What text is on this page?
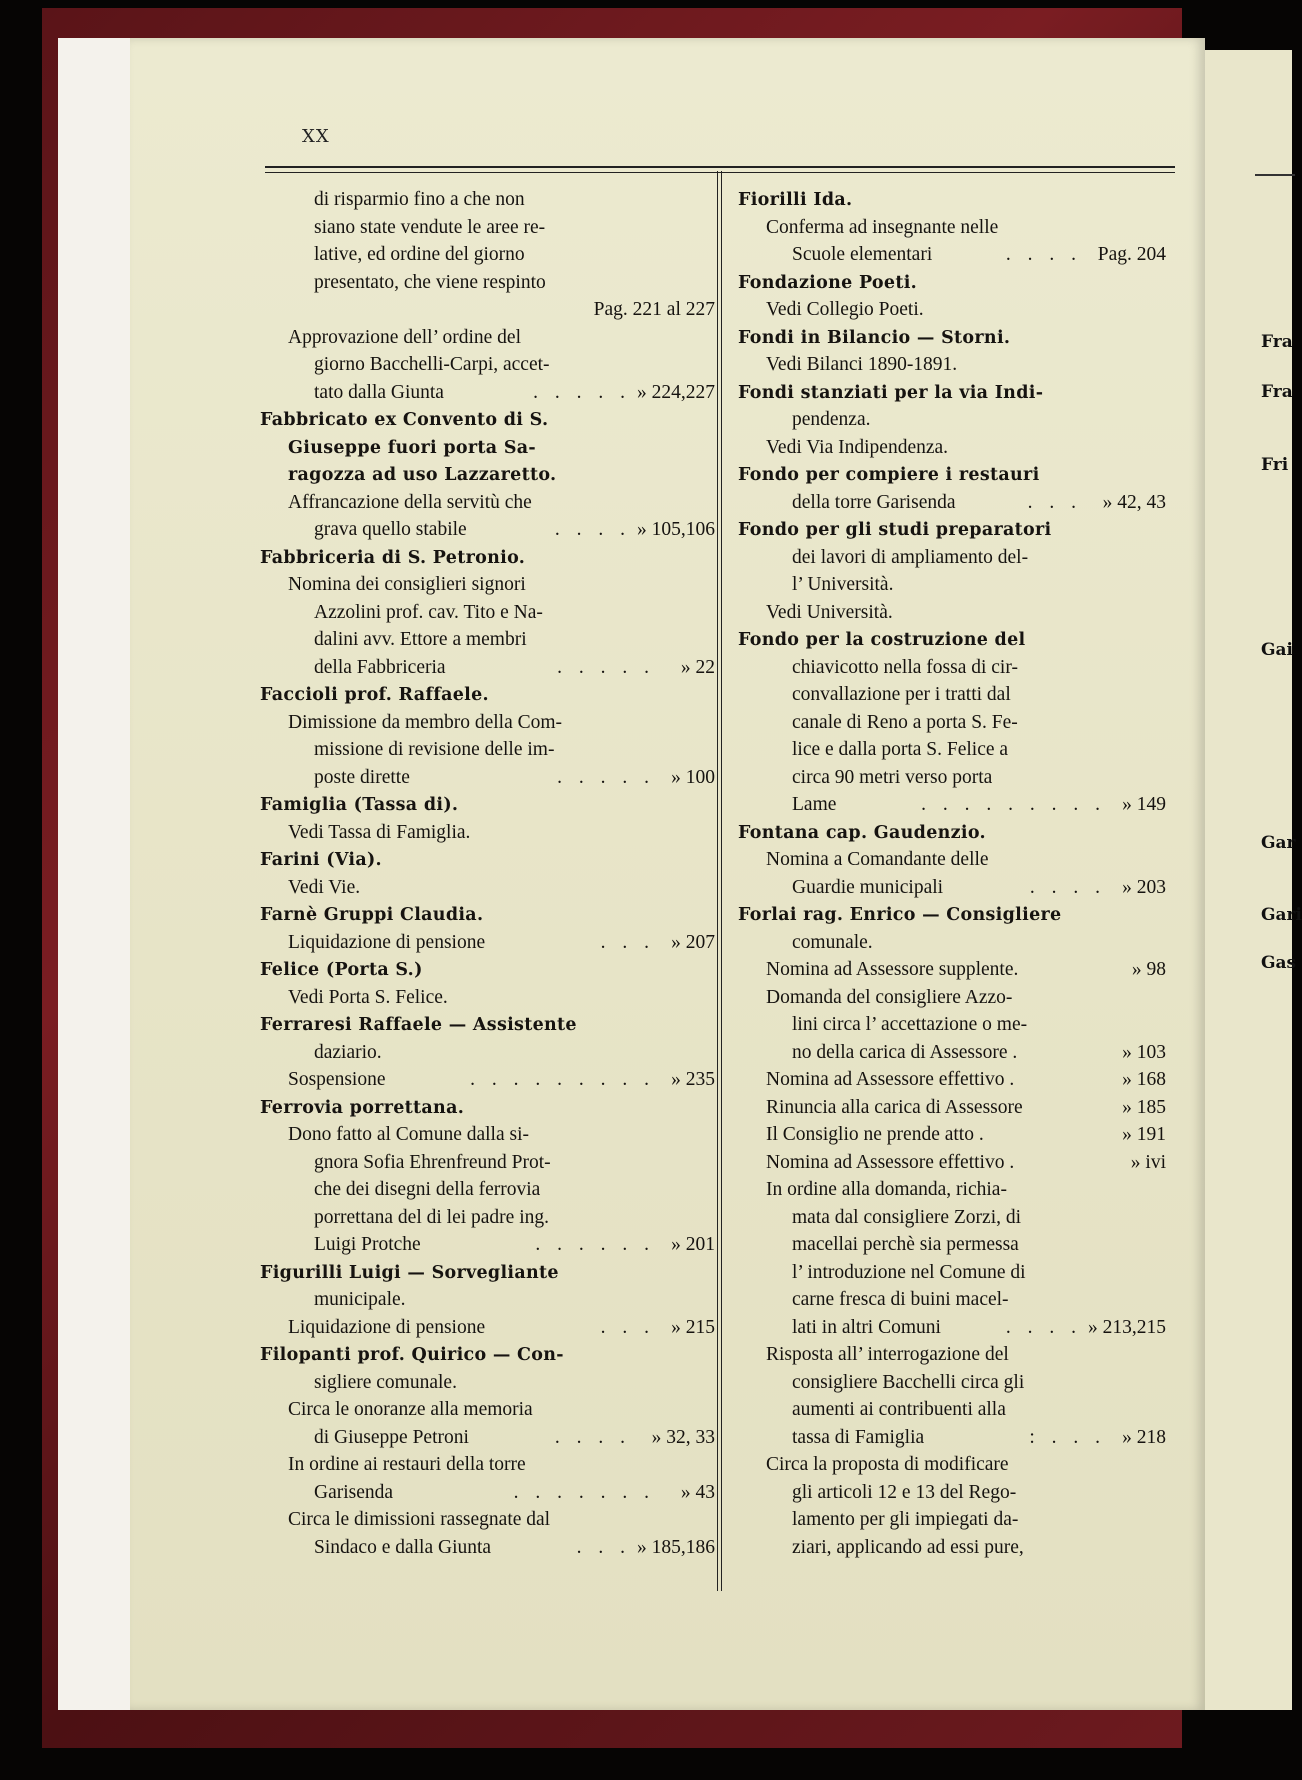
Fra
Fra
Fri
Gai
Gar
Gari
Gas
XX
di risparmio fino a che non
siano state vendute le aree re-
lative, ed ordine del giorno
presentato, che viene respinto
Pag. 221 al 227
Approvazione dell’ ordine del
giorno Bacchelli-Carpi, accet-
tato dalla Giunta	. . . . . » 224,227
Fabbricato ex Convento di S.
Giuseppe fuori porta Sa-
ragozza ad uso Lazzaretto.
Affrancazione della servitù che
grava quello stabile	. . . . » 105,106
Fabbriceria di S. Petronio.
Nomina dei consiglieri signori
Azzolini prof. cav. Tito e Na-
dalini avv. Ettore a membri
della Fabbriceria	. . . . . » 22
Faccioli prof. Raffaele.
Dimissione da membro della Com-
missione di revisione delle im-
poste dirette	. . . . . » 100
Famiglia (Tassa di).
Vedi Tassa di Famiglia.
Farini (Via).
Vedi Vie.
Farnè Gruppi Claudia.
Liquidazione di pensione	. . . » 207
Felice (Porta S.)
Vedi Porta S. Felice.
Ferraresi Raffaele — Assistente
daziario.
Sospensione	. . . . . . . . . » 235
Ferrovia porrettana.
Dono fatto al Comune dalla si-
gnora Sofia Ehrenfreund Prot-
che dei disegni della ferrovia
porrettana del di lei padre ing.
Luigi Protche	. . . . . . » 201
Figurilli Luigi — Sorvegliante
municipale.
Liquidazione di pensione	. . . » 215
Filopanti prof. Quirico — Con-
sigliere comunale.
Circa le onoranze alla memoria
di Giuseppe Petroni	. . . . » 32, 33
In ordine ai restauri della torre
Garisenda	. . . . . . . » 43
Circa le dimissioni rassegnate dal
Sindaco e dalla Giunta	. . . » 185,186
Fiorilli Ida.
Conferma ad insegnante nelle
Scuole elementari	. . . . Pag. 204
Fondazione Poeti.
Vedi Collegio Poeti.
Fondi in Bilancio — Storni.
Vedi Bilanci 1890-1891.
Fondi stanziati per la via Indi-
pendenza.
Vedi Via Indipendenza.
Fondo per compiere i restauri
della torre Garisenda	. . . » 42, 43
Fondo per gli studi preparatori
dei lavori di ampliamento del-
l’ Università.
Vedi Università.
Fondo per la costruzione del
chiavicotto nella fossa di cir-
convallazione per i tratti dal
canale di Reno a porta S. Fe-
lice e dalla porta S. Felice a
circa 90 metri verso porta
Lame	. . . . . . . . . » 149
Fontana cap. Gaudenzio.
Nomina a Comandante delle
Guardie municipali	. . . . » 203
Forlai rag. Enrico — Consigliere
comunale.
Nomina ad Assessore supplente.	» 98
Domanda del consigliere Azzo-
lini circa l’ accettazione o me-
no della carica di Assessore .	» 103
Nomina ad Assessore effettivo .	» 168
Rinuncia alla carica di Assessore	» 185
Il Consiglio ne prende atto .	» 191
Nomina ad Assessore effettivo .	» ivi
In ordine alla domanda, richia-
mata dal consigliere Zorzi, di
macellai perchè sia permessa
l’ introduzione nel Comune di
carne fresca di buini macel-
lati in altri Comuni	. . . . » 213,215
Risposta all’ interrogazione del
consigliere Bacchelli circa gli
aumenti ai contribuenti alla
tassa di Famiglia	: . . . » 218
Circa la proposta di modificare
gli articoli 12 e 13 del Rego-
lamento per gli impiegati da-
ziari, applicando ad essi pure,
